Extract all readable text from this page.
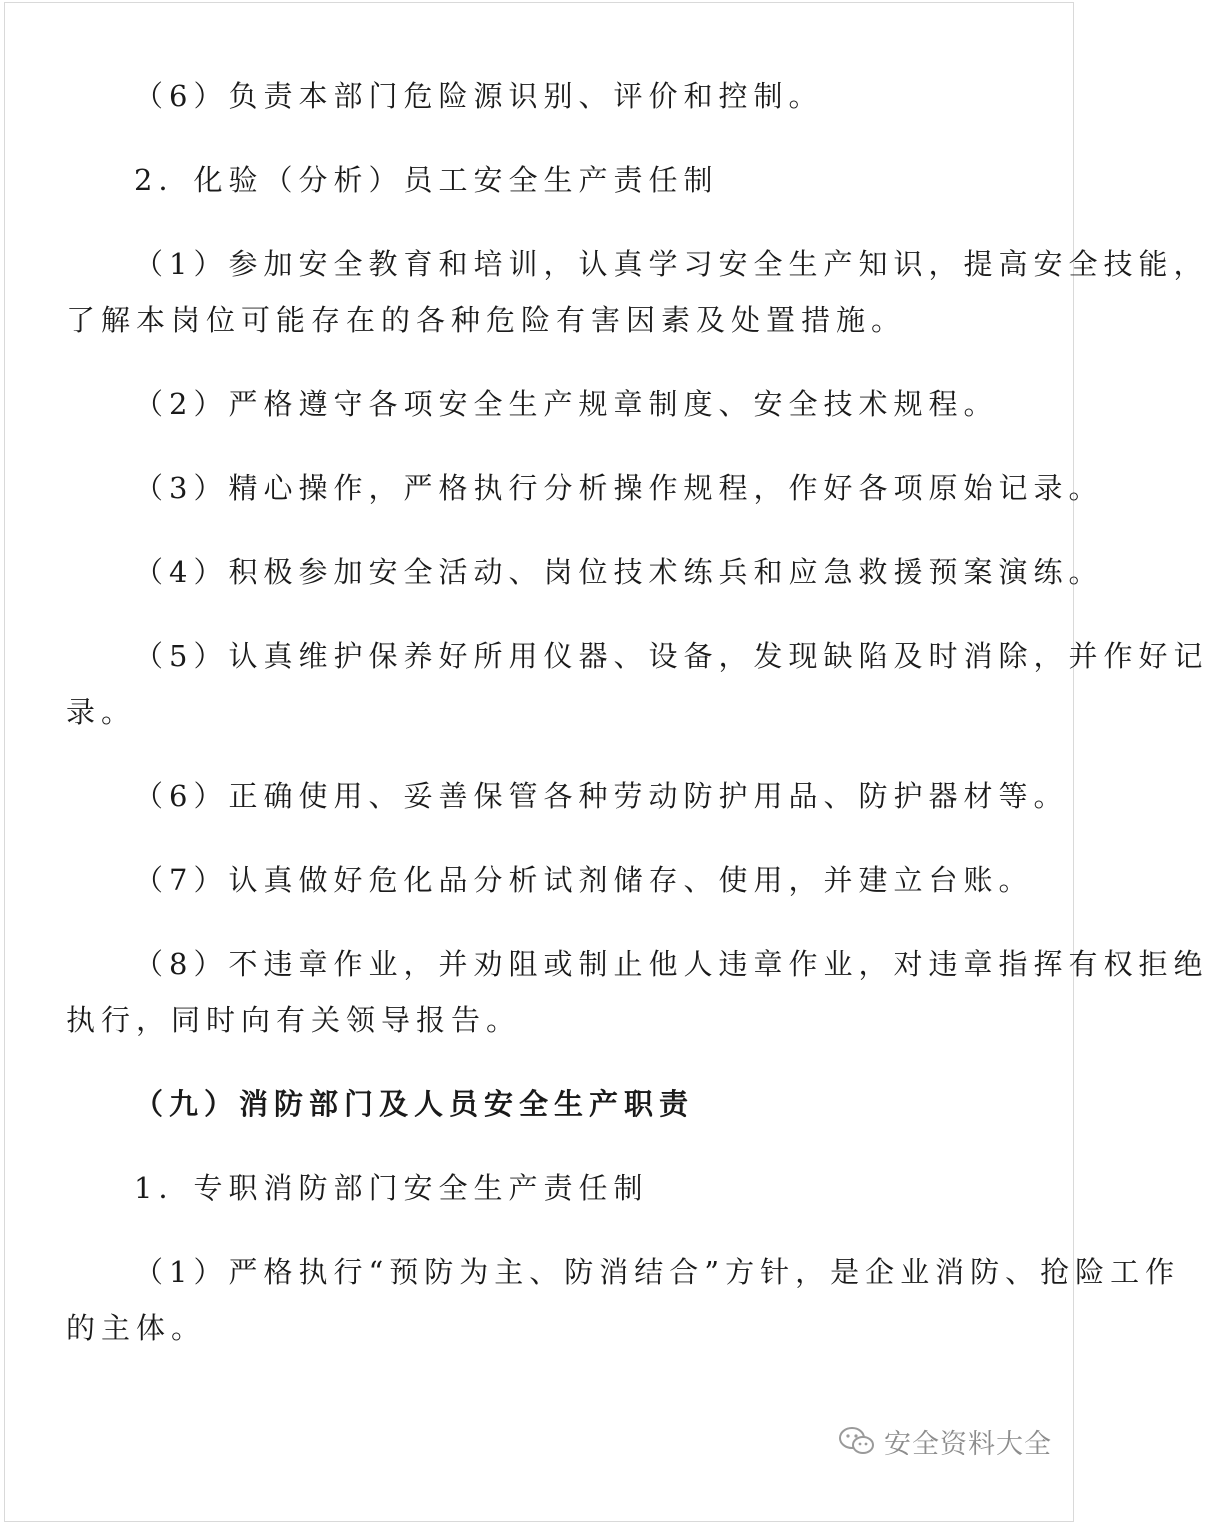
（6）负责本部门危险源识别、评价和控制。
2．化验（分析）员工安全生产责任制
（1）参加安全教育和培训，认真学习安全生产知识，提高安全技能，
了解本岗位可能存在的各种危险有害因素及处置措施。
（2）严格遵守各项安全生产规章制度、安全技术规程。
（3）精心操作，严格执行分析操作规程，作好各项原始记录。
（4）积极参加安全活动、岗位技术练兵和应急救援预案演练。
（5）认真维护保养好所用仪器、设备，发现缺陷及时消除，并作好记
录。
（6）正确使用、妥善保管各种劳动防护用品、防护器材等。
（7）认真做好危化品分析试剂储存、使用，并建立台账。
（8）不违章作业，并劝阻或制止他人违章作业，对违章指挥有权拒绝
执行，同时向有关领导报告。
（九）消防部门及人员安全生产职责
1．专职消防部门安全生产责任制
（1）严格执行“预防为主、防消结合”方针，是企业消防、抢险工作
的主体。
安全资料大全
